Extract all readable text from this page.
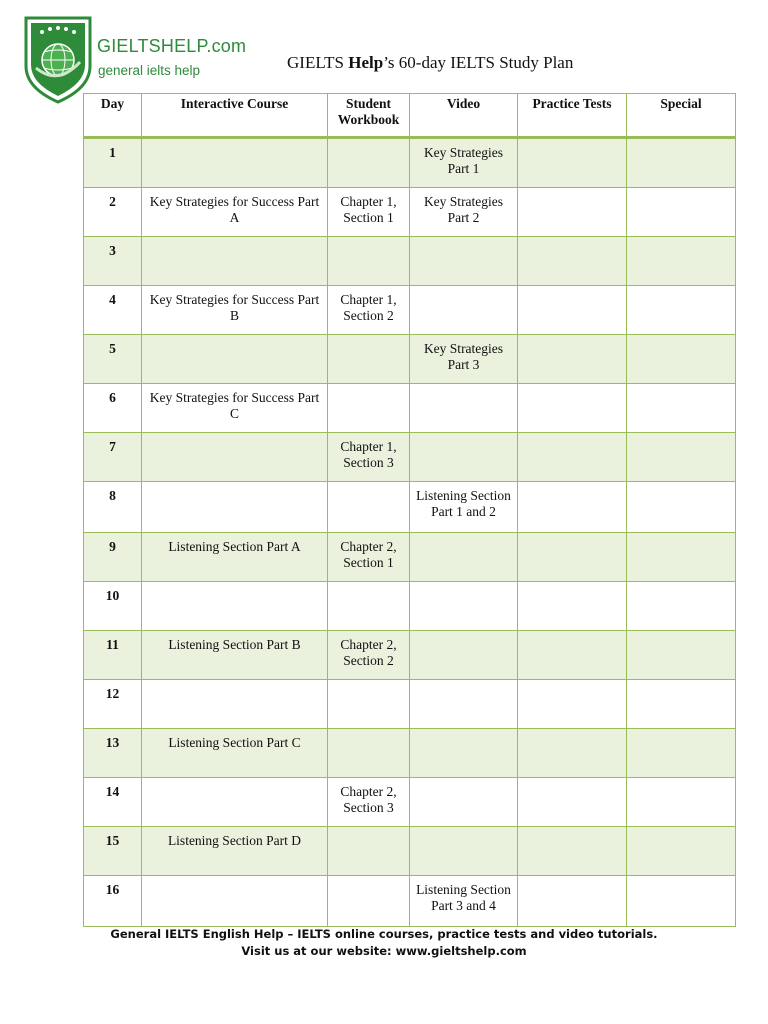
GIELTSHELP.com
general ielts help	GIELTS Help’s 60-day IELTS Study Plan
Day	Interactive Course	Student Workbook	Video	Practice Tests	Special
1			Key Strategies Part 1		
2	Key Strategies for Success Part A	Chapter 1, Section 1	Key Strategies Part 2		
3					
4	Key Strategies for Success Part B	Chapter 1, Section 2			
5			Key Strategies Part 3		
6	Key Strategies for Success Part C				
7		Chapter 1, Section 3			
8			Listening Section Part 1 and 2		
9	Listening Section Part A	Chapter 2, Section 1			
10					
11	Listening Section Part B	Chapter 2, Section 2			
12					
13	Listening Section Part C				
14		Chapter 2, Section 3			
15	Listening Section Part D				
16			Listening Section Part 3 and 4		
General IELTS English Help – IELTS online courses, practice tests and video tutorials.
Visit us at our website: www.gieltshelp.com
